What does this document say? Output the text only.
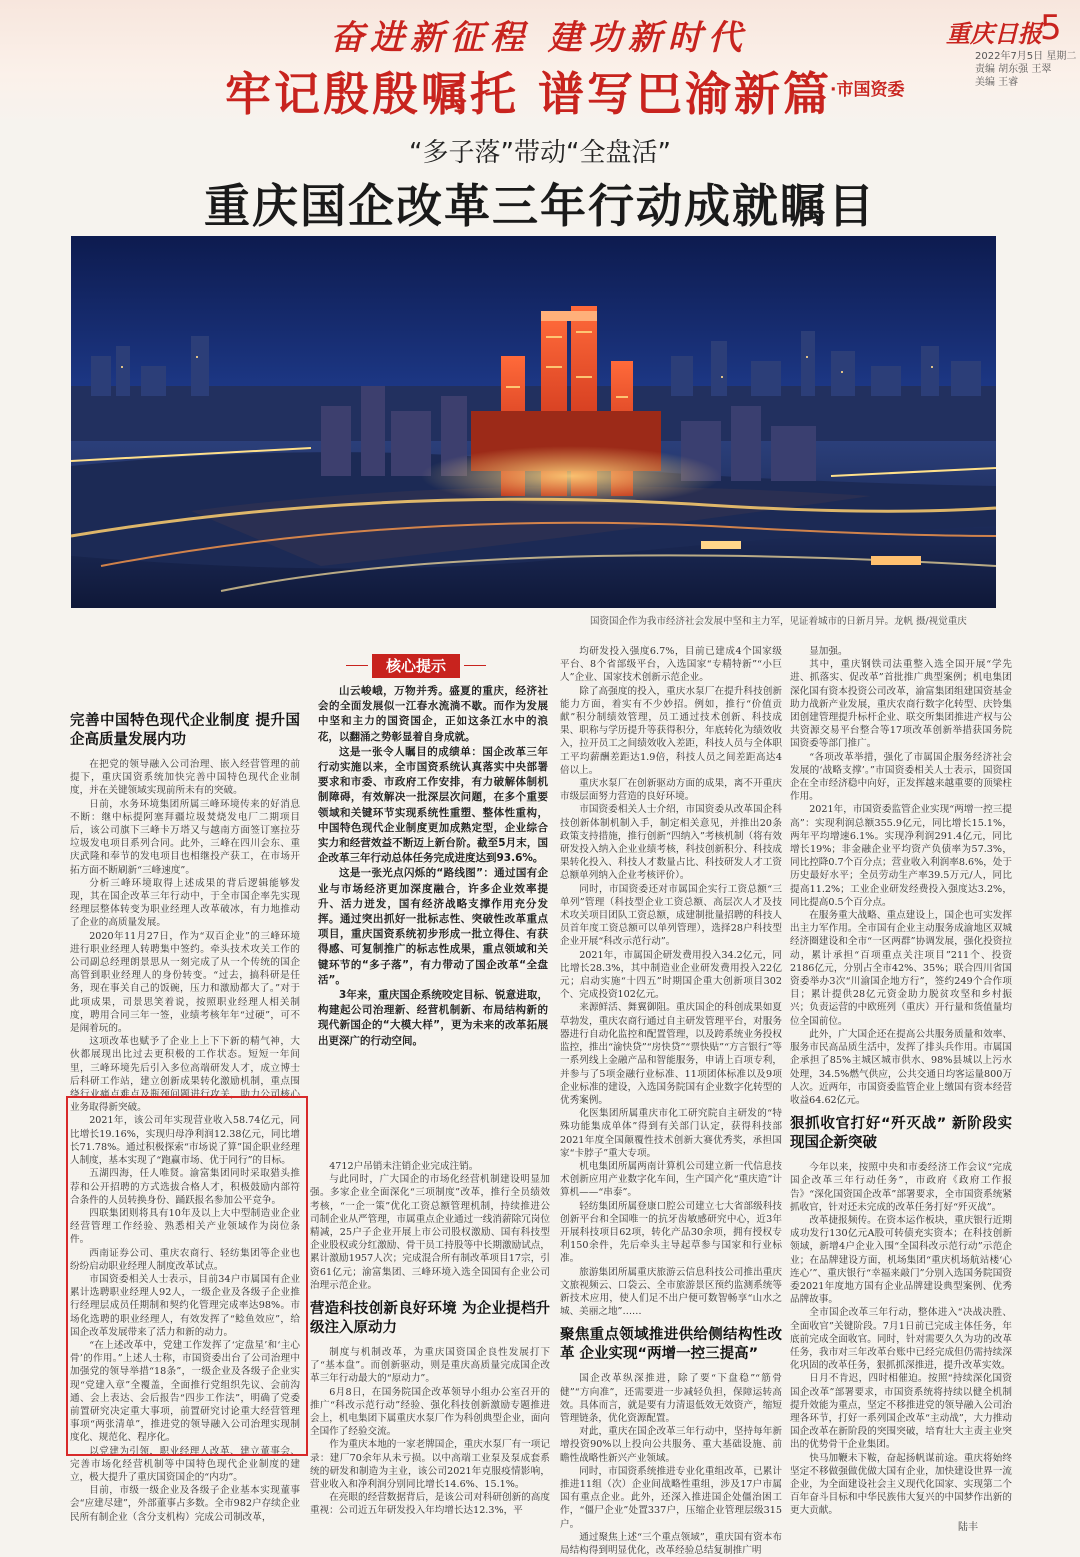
奋进新征程 建功新时代
牢记殷殷嘱托 谱写巴渝新篇
·市国资委
重庆日报
5
2022年7月5日 星期二
责编 胡东强 王翠
美编 王睿
“多子落”带动“全盘活”
重庆国企改革三年行动成就瞩目
国资国企作为我市经济社会发展中坚和主力军，见证着城市的日新月异。龙帆 摄/视觉重庆
完善中国特色现代企业制度 提升国企高质量发展内功

在把党的领导融入公司治理、嵌入经营管理的前提下，重庆国资系统加快完善中国特色现代企业制度，并在关键领域实现前所未有的突破。

日前，水务环境集团所属三峰环境传来的好消息不断：继中标提阿塞拜疆垃圾焚烧发电厂二期项目后，该公司旗下三峰卡万塔又与越南方面签订塞拉芬垃圾发电项目系列合同。此外，三峰在四川会东、重庆武隆和奉节的发电项目也相继投产获工，在市场开拓方面不断刷新“三峰速度”。

分析三峰环境取得上述成果的背后逻辑能够发现，其在国企改革三年行动中，于全市国企率先实现经理层整体转变为职业经理人改革破冰，有力地推动了企业的高质量发展。

2020年11月27日，作为“双百企业”的三峰环境进行职业经理人转聘集中签约。牵头技术攻关工作的公司副总经理朗景思从一刻完成了从一个传统的国企高管到职业经理人的身份转变。“过去，搞科研是任务，现在事关自己的饭碗，压力和激励都大了。”对于此项成果，司景思笑着说，按照职业经理人相关制度，聘用合同三年一签，业绩考核年年“过硬”，可不是闹着玩的。

这项改革也赋予了企业上上下下新的精气神，大伙都展现出比过去更积极的工作状态。短短一年间里，三峰环境先后引入多位高端研发人才，成立博士后科研工作站，建立创新成果转化激励机制，重点围绕行业痛点难点及瓶颈问题进行攻关，助力公司核心业务取得新突破。

2021年，该公司年实现营业收入58.74亿元，同比增长19.16%，实现归母净利润12.38亿元，同比增长71.78%。通过积极探索“市场说了算”国企职业经理人制度，基本实现了“跑赢市场、优于同行”的目标。

五湖四海，任人唯贤。渝富集团同时采取猎头推荐和公开招聘的方式选拔合格人才，积极鼓励内部符合条件的人员转换身份、踊跃报名参加公平竞争。

四联集团则将具有10年及以上大中型制造业企业经营管理工作经验、熟悉相关产业领域作为岗位条件。

西南证券公司、重庆农商行、轻纺集团等企业也纷纷启动职业经理人制度改革试点。

市国资委相关人士表示，目前34户市属国有企业累计选聘职业经理人92人，一级企业及各级子企业推行经理层成员任期制和契约化管理完成率达98%。市场化选聘的职业经理人，有效发挥了“鲶鱼效应”，给国企改革发展带来了活力和新的动力。

“在上述改革中，党建工作发挥了‘定盘星’和‘主心骨’的作用。”上述人士称，市国资委出台了公司治理中加强党的领导举措“18条”，一级企业及各级子企业实现“党建入章”全覆盖，全面推行党组织先议、会前沟通、会上表达、会后报告“四步工作法”，明确了党委前置研究决定重大事项，前置研究讨论重大经营管理事项“两张清单”，推进党的领导融入公司治理实现制度化、规范化、程序化。

以党建为引领，职业经理人改革、建立董事会、完善市场化经营机制等中国特色现代企业制度的建立，极大提升了重庆国资国企的“内功”。

目前，市级一级企业及各级子企业基本实现董事会“应建尽建”，外部董事占多数。全市982户存续企业民所有制企业（含分支机构）完成公司制改革，

核心提示

山云峻峨，万物并秀。盛夏的重庆，经济社会的全面发展似一江春水流淌不歇。而作为发展中坚和主力的国资国企，正如这条江水中的浪花，以翻涌之势彰显着自身成就。

这是一张令人瞩目的成绩单：国企改革三年行动实施以来，全市国资系统认真落实中央部署要求和市委、市政府工作安排，有力破解体制机制障碍，有效解决一批深层次问题，在多个重要领域和关键环节实现系统性重塑、整体性重构，中国特色现代企业制度更加成熟定型，企业综合实力和经营效益不断迈上新台阶。截至5月末，国企改革三年行动总体任务完成进度达到93.6%。

这是一张光点闪烁的“路线图”：通过国有企业与市场经济更加深度融合，许多企业效率提升、活力迸发，国有经济战略支撑作用充分发挥。通过突出抓好一批标志性、突破性改革重点项目，重庆国资系统初步形成一批立得住、有获得感、可复制推广的标志性成果，重点领域和关键环节的“多子落”，有力带动了国企改革“全盘活”。

3年来，重庆国企系统咬定目标、锐意进取，构建起公司治理新、经营机制新、布局结构新的现代新国企的“大模大样”，更为未来的改革拓展出更深广的行动空间。

4712户吊销未注销企业完成注销。

与此同时，广大国企的市场化经营机制建设明显加强。多家企业全面深化“三项制度”改革，推行全员绩效考核，“一企一策”优化工资总额管理机制，持续推进公司制企业从严管理，市属重点企业通过一线消薪除冗岗位精减，25户子企业开展上市公司股权激励、国有科技型企业股权或分红激励、骨干员工持股等中长期激励试点，累计激励1957人次；完成混合所有制改革项目17宗，引资61亿元；渝富集团、三峰环境入选全国国有企业公司治理示范企业。

营造科技创新良好环境 为企业提档升级注入原动力

制度与机制改革，为重庆国资国企良性发展打下了“基本盘”。而创新驱动，则是重庆高质量完成国企改革三年行动最大的“原动力”。

6月8日，在国务院国企改革领导小组办公室召开的推广“科改示范行动”经验、强化科技创新激励专题推进会上，机电集团下属重庆水泵厂作为科创典型企业，面向全国作了经验交流。

作为重庆本地的一家老牌国企，重庆水泵厂有一项记录：建厂70余年从未亏损。以中高端工业泵及泵成套系统的研发和制造为主业，该公司2021年克服疫情影响，营业收入和净利润分别同比增长14.6%、15.1%。

在亮眼的经营数据背后，是该公司对科研创新的高度重视：公司近五年研发投入年均增长达12.3%，平

均研发投入强度6.7%，目前已建成4个国家级平台、8个省部级平台，入选国家“专精特新”“小巨人”企业、国家技术创新示范企业。

除了高强度的投入，重庆水泵厂在提升科技创新能力方面，着实有不少妙招。例如，推行“价值贡献”积分制绩效管理，员工通过技术创新、科技成果、职称与学历提升等获得积分，年底转化为绩效收入，拉开员工之间绩效收入差距，科技人员与全体职工平均薪酬差距达1.9倍，科技人员之间差距高达4倍以上。

重庆水泵厂在创新驱动方面的成果，离不开重庆市级层面努力营造的良好环境。

市国资委相关人士介绍，市国资委从改革国企科技创新体制机制入手，制定相关意见，并推出20条政策支持措施，推行创新“四纳入”考核机制（将有效研发投入纳入企业业绩考核，科技创新积分、科技成果转化投入、科技人才数量占比、科技研发人才工资总额单列纳入企业考核评价）。

同时，市国资委还对市属国企实行工资总额“三单列”管理（科技型企业工资总额、高层次人才及技术攻关项目团队工资总额，成建制批量招聘的科技人员首年度工资总额可以单列管理），选择28户科技型企业开展“科改示范行动”。

2021年，市属国企研发费用投入34.2亿元，同比增长28.3%，其中制造业企业研发费用投入22亿元；启动实施“十四五”时期国企重大创新项目302个、完成投资102亿元。

来源鲜活、舞翼御阻。重庆国企的科创成果如夏草勃发，重庆农商行通过自主研发管理平台，对服务器进行自动化监控和配置管理，以及跨系统业务投权监控，推出“渝快贷”“房快贷”“票快贴”“方言银行”等一系列线上金融产品和智能服务，申请上百项专利，并参与了5项金融行业标准、11项团体标准以及9项企业标准的建设，入选国务院国有企业数字化转型的优秀案例。

化医集团所属重庆市化工研究院自主研发的“特殊功能集成单体”得到有关部门认定，获得科技部2021年度全国颠覆性技术创新大赛优秀奖，承担国家“卡脖子”重大专项。

机电集团所属两南计算机公司建立新一代信息技术创新应用产业数字化车间，生产国产化“重庆造”计算机——“串泰”。

轻纺集团所属登康口腔公司建立七大省部级科技创新平台和全国唯一的抗牙齿敏感研究中心，近3年开展科技项目62项，转化产品30余项，拥有授权专利150余件，先后牵头主导起草参与国家和行业标准。

旅游集团所属重庆旅游云信息科技公司推出重庆文旅视频云、口袋云、全市旅游景区预约监测系统等新技术应用，使人们足不出户便可数智畅享“山水之城、美丽之地”……

聚焦重点领域推进供给侧结构性改革 企业实现“两增一控三提高”

国企改革纵深推进，除了要“下盘稳”“筋骨健”“方向准”，还需要进一步减轻负担，保障运转高效。具体而言，就是要有力清退低效无效资产，缩短管理链条，优化资源配置。

对此，重庆在国企改革三年行动中，坚持每年新增投资90%以上投向公共服务、重大基础设施、前瞻性战略性新兴产业领域。

同时，市国资系统推进专业化重组改革，已累计推进11组（次）企业间战略性重组，涉及17户市属国有重点企业。此外，还深入推进国企处僵治困工作，“僵尸企业”处置337户，压缩企业管理层级315户。

通过聚焦上述“三个重点领域”，重庆国有资本布局结构得到明显优化，改革经验总结复制推广明

显加强。

其中，重庆钢铁司法重整入选全国开展“学先进、抓落实、促改革”首批推广典型案例；机电集团深化国有资本投资公司改革，渝富集团组建国资基金助力战新产业发展，重庆农商行数字化转型、庆铃集团创建管理提升标杆企业、联交所集团推进产权与公共资源交易平台整合等17项改革创新举措获国务院国资委等部门推广。

“各项改革举措，强化了市属国企服务经济社会发展的‘战略支撑’。”市国资委相关人士表示，国资国企在全市经济稳中向好，正发挥越来越重要的顶梁柱作用。

2021年，市国资委监管企业实现“两增一控三提高”：实现利润总额355.9亿元，同比增长15.1%，两年平均增速6.1%。实现净利润291.4亿元，同比增长19%；非金融企业平均资产负债率为57.3%，同比控降0.7个百分点；营业收入利润率8.6%，处于历史最好水平；全员劳动生产率39.5万元/人，同比提高11.2%；工业企业研发经费投入强度达3.2%，同比提高0.5个百分点。

在服务重大战略、重点建设上，国企也可实发挥出主力军作用。全市国有企业主动服务成渝地区双城经济圈建设和全市“一区两群”协调发展，强化投资拉动，累计承担“百项重点关注项目”211个、投资2186亿元，分别占全市42%、35%；联合四川省国资委举办3次“川渝国企地方行”，签约249个合作项目；累计提供28亿元资金助力脱贫攻坚和乡村振兴；负责运营的中欧班列（重庆）开行量和货值量均位全国前位。

此外，广大国企还在提高公共服务质量和效率、服务市民高品质生活中，发挥了排头兵作用。市属国企承担了85%主城区城市供水、98%县城以上污水处理，34.5%燃气供应，公共交通日均客运量800万人次。近两年，市国资委监管企业上缴国有资本经营收益64.62亿元。

狠抓收官打好“歼灭战” 新阶段实现国企新突破

今年以来，按照中央和市委经济工作会议“完成国企改革三年行动任务”，市政府《政府工作报告》“深化国资国企改革”部署要求，全市国资系统紧抓收官，针对还未完成的改革任务打好“歼灭战”。

改革捷报频传。在资本运作板块，重庆银行近期成功发行130亿元A股可转债充实资本；在科技创新领域，新增4户企业入围“全国科改示范行动”示范企业；在品牌建设方面，机场集团“重庆机场航站楼‘心连心’”、重庆银行“幸福来敲门”分别入选国务院国资委2021年度地方国有企业品牌建设典型案例、优秀品牌故事。

全市国企改革三年行动，整体进入“决战决胜、全面收官”关键阶段。7月1日前已完成主体任务，年底前完成全面收官。同时，针对需要久久为功的改革任务，我市对三年改革台账中已经完成但仍需持续深化巩固的改革任务，狠抓抓深推进，提升改革实效。

日月不肯迟，四时相催迫。按照“持续深化国资国企改革”部署要求，市国资系统将持续以健全机制提升效能为重点，坚定不移推进党的领导融入公司治理各环节，打好一系列国企改革“主动战”，大力推动国企改革在新阶段的突围突破，培育壮大主责主业突出的优势骨干企业集团。

快马加鞭未下鞍，奋起扬帆谋前途。重庆将始终坚定不移做强做优做大国有企业，加快建设世界一流企业，为全面建设社会主义现代化国家、实现第二个百年奋斗目标和中华民族伟大复兴的中国梦作出新的更大贡献。

陆丰
